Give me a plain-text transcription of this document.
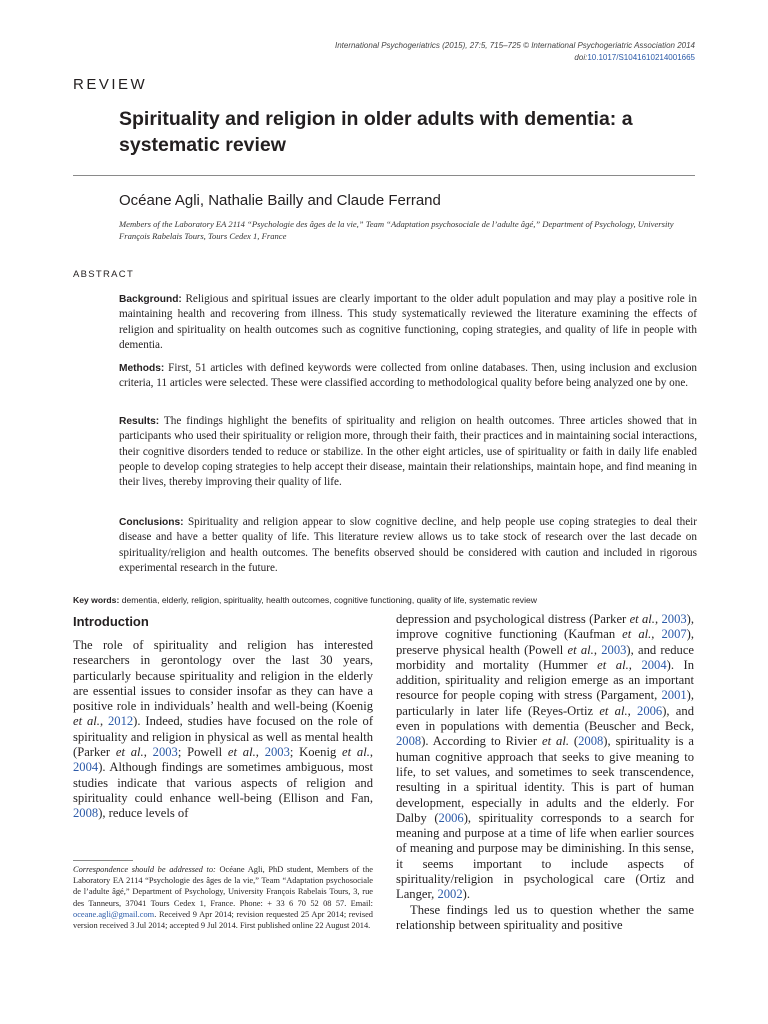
International Psychogeriatrics (2015), 27:5, 715–725 © International Psychogeriatric Association 2014
doi:10.1017/S1041610214001665
REVIEW
Spirituality and religion in older adults with dementia: a systematic review
Océane Agli, Nathalie Bailly and Claude Ferrand
Members of the Laboratory EA 2114 “Psychologie des âges de la vie,” Team “Adaptation psychosociale de l’adulte âgé,” Department of Psychology, University François Rabelais Tours, Tours Cedex 1, France
ABSTRACT

Background: Religious and spiritual issues are clearly important to the older adult population and may play a positive role in maintaining health and recovering from illness. This study systematically reviewed the literature examining the effects of religion and spirituality on health outcomes such as cognitive functioning, coping strategies, and quality of life in people with dementia.

Methods: First, 51 articles with defined keywords were collected from online databases. Then, using inclusion and exclusion criteria, 11 articles were selected. These were classified according to methodological quality before being analyzed one by one.

Results: The findings highlight the benefits of spirituality and religion on health outcomes. Three articles showed that in participants who used their spirituality or religion more, through their faith, their practices and in maintaining social interactions, their cognitive disorders tended to reduce or stabilize. In the other eight articles, use of spirituality or faith in daily life enabled people to develop coping strategies to help accept their disease, maintain their relationships, maintain hope, and find meaning in their lives, thereby improving their quality of life.

Conclusions: Spirituality and religion appear to slow cognitive decline, and help people use coping strategies to deal their disease and have a better quality of life. This literature review allows us to take stock of research over the last decade on spirituality/religion and health outcomes. The benefits observed should be considered with caution and included in rigorous experimental research in the future.

Key words: dementia, elderly, religion, spirituality, health outcomes, cognitive functioning, quality of life, systematic review
Introduction

The role of spirituality and religion has interested researchers in gerontology over the last 30 years, particularly because spirituality and religion in the elderly are essential issues to consider insofar as they can have a positive role in individuals’ health and well-being (Koenig et al., 2012). Indeed, studies have focused on the role of spirituality and religion in physical as well as mental health (Parker et al., 2003; Powell et al., 2003; Koenig et al., 2004). Although findings are sometimes ambiguous, most studies indicate that various aspects of religion and spirituality could enhance well-being (Ellison and Fan, 2008), reduce levels of

depression and psychological distress (Parker et al., 2003), improve cognitive functioning (Kaufman et al., 2007), preserve physical health (Powell et al., 2003), and reduce morbidity and mortality (Hummer et al., 2004). In addition, spirituality and religion emerge as an important resource for people coping with stress (Pargament, 2001), particularly in later life (Reyes-Ortiz et al., 2006), and even in populations with dementia (Beuscher and Beck, 2008). According to Rivier et al. (2008), spirituality is a human cognitive approach that seeks to give meaning to life, to set values, and sometimes to seek transcendence, resulting in a spiritual identity. This is part of human development, especially in adults and the elderly. For Dalby (2006), spirituality corresponds to a search for meaning and purpose at a time of life when earlier sources of meaning and purpose may be diminishing. In this sense, it seems important to include aspects of spirituality/religion in psychological care (Ortiz and Langer, 2002).

These findings led us to question whether the same relationship between spirituality and positive

Correspondence should be addressed to: Océane Agli, PhD student, Members of the Laboratory EA 2114 “Psychologie des âges de la vie,” Team “Adaptation psychosociale de l’adulte âgé,” Department of Psychology, University François Rabelais Tours, 3, rue des Tanneurs, 37041 Tours Cedex 1, France. Phone: + 33 6 70 52 08 57. Email: oceane.agli@gmail.com. Received 9 Apr 2014; revision requested 25 Apr 2014; revised version received 3 Jul 2014; accepted 9 Jul 2014. First published online 22 August 2014.
